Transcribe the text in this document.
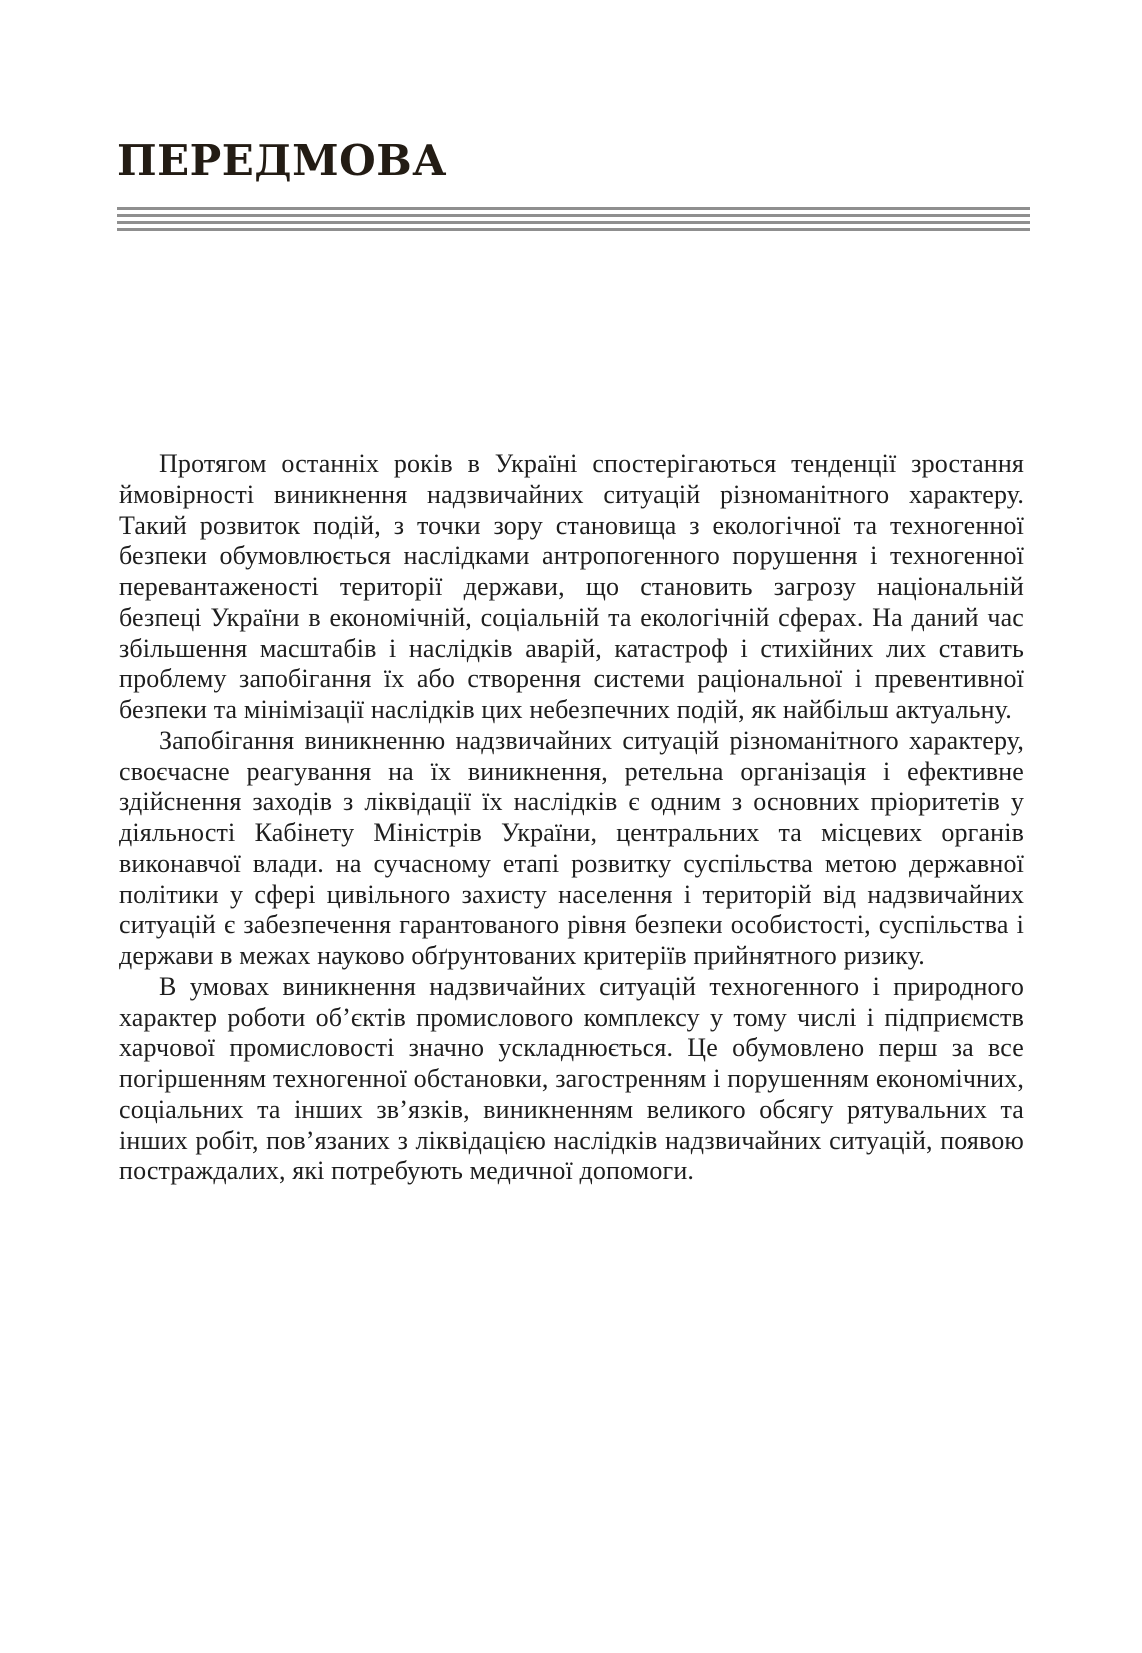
ПЕРЕДМОВА

Протягом останніх років в Україні спостерігаються тенденції зростання ймовірності виникнення надзвичайних ситуацій різноманітного характеру. Такий розвиток подій, з точки зору становища з екологічної та техногенної безпеки обумовлюється наслідками антропогенного порушення і техногенної перевантаженості території держави, що становить загрозу національній безпеці України в економічній, соціальній та екологічній сферах. На даний час збільшення масштабів і наслідків аварій, катастроф і стихійних лих ставить проблему запобігання їх або створення системи раціональної і превентивної безпеки та мінімізації наслідків цих небезпечних подій, як найбільш актуальну.

Запобігання виникненню надзвичайних ситуацій різноманітного характеру, своєчасне реагування на їх виникнення, ретельна організація і ефективне здійснення заходів з ліквідації їх наслідків є одним з основних пріоритетів у діяльності Кабінету Міністрів України, центральних та місцевих органів виконавчої влади. на сучасному етапі розвитку суспільства метою державної політики у сфері цивільного захисту населення і територій від надзвичайних ситуацій є забезпечення гарантованого рівня безпеки особистості, суспільства і держави в межах науково обґрунтованих критеріїв прийнятного ризику.

В умовах виникнення надзвичайних ситуацій техногенного і природного характер роботи об’єктів промислового комплексу у тому числі і підприємств харчової промисловості значно ускладнюється. Це обумовлено перш за все погіршенням техногенної обстановки, загостренням і порушенням економічних, соціальних та інших зв’язків, виникненням великого обсягу рятувальних та інших робіт, пов’язаних з ліквідацією наслідків надзвичайних ситуацій, появою постраждалих, які потребують медичної допомоги.
